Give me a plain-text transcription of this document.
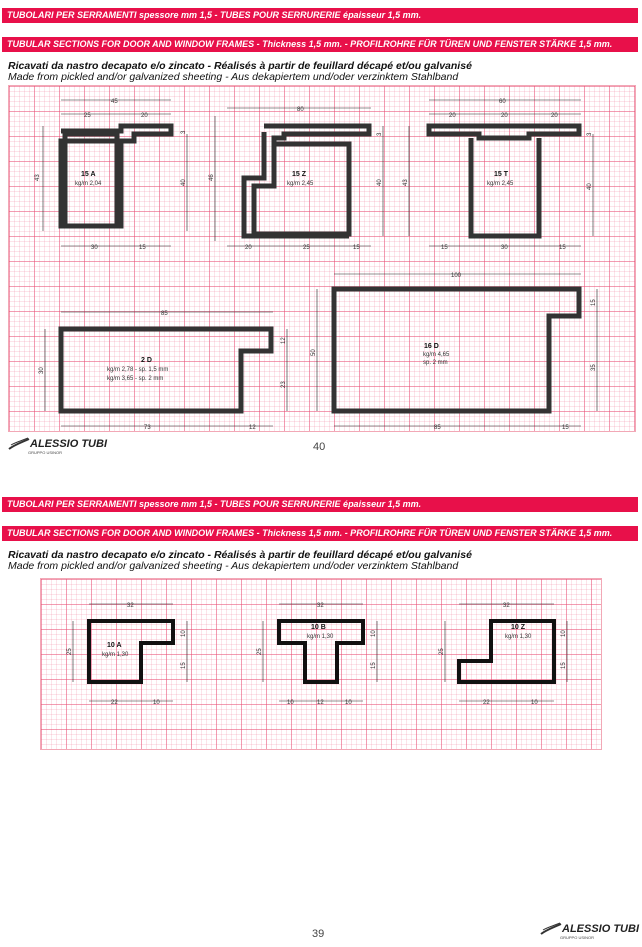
TUBOLARI PER SERRAMENTI spessore mm 1,5 - TUBES POUR SERRURERIE épaisseur 1,5 mm.
TUBULAR SECTIONS FOR DOOR AND WINDOW FRAMES - Thickness 1,5 mm. - PROFILROHRE FÜR TÜREN UND FENSTER STÄRKE 1,5 mm.
Ricavati da nastro decapato e/o zincato - Réalisés à partir de feuillard décapé et/ou galvanisé
Made from pickled and/or galvanized sheeting - Aus dekapiertem und/oder verzinktem Stahlband
45
25	20
43
40
3
15 A
kg/m 2,04
30	15
80
46
40
3
15 Z
kg/m 2,45
20	25	15
60
20	20	20
43
40
3
15 T
kg/m 2,45
15	30	15
85
30
12
23
2 D
kg/m 2,78 - sp. 1,5 mm
kg/m 3,65 - sp. 2 mm
73	12
100
50
15
35
16 D
kg/m 4,65
sp. 2 mm
85	15
ALESSIO TUBI
GRUPPO USINOR	40
TUBOLARI PER SERRAMENTI spessore mm 1,5 - TUBES POUR SERRURERIE épaisseur 1,5 mm.
TUBULAR SECTIONS FOR DOOR AND WINDOW FRAMES - Thickness 1,5 mm. - PROFILROHRE FÜR TÜREN UND FENSTER STÄRKE 1,5 mm.
Ricavati da nastro decapato e/o zincato - Réalisés à partir de feuillard décapé et/ou galvanisé
Made from pickled and/or galvanized sheeting - Aus dekapiertem und/oder verzinktem Stahlband
32
25
10
15
10 A
kg/m 1,30
22	10
32
25
10
15
10 B
kg/m 1,30
10	12	10
32
25
10
15
10 Z
kg/m 1,30
22	10
39	ALESSIO TUBI
GRUPPO USINOR
